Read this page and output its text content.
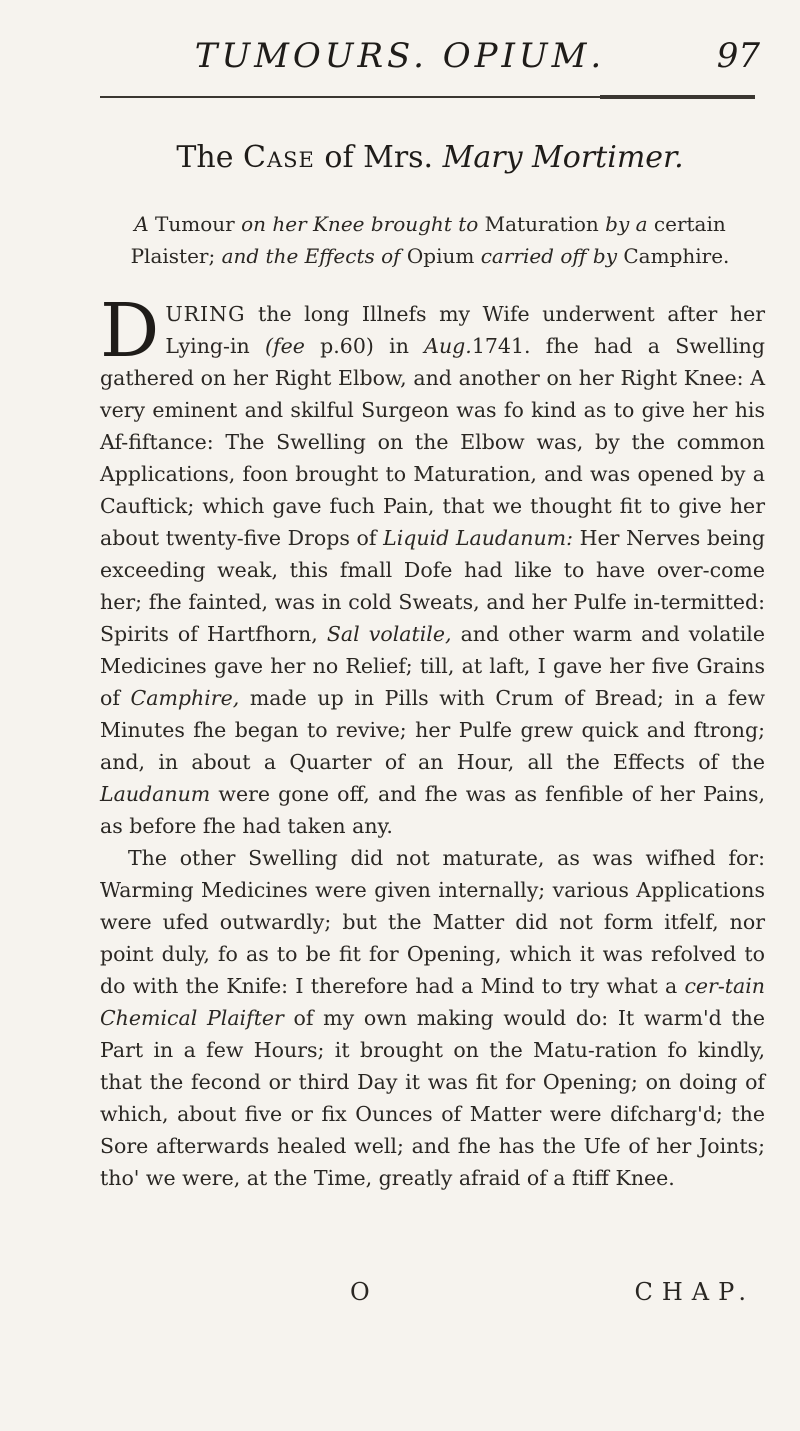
TUMOURS. OPIUM.	97
The Case of Mrs. Mary Mortimer.
A Tumour on her Knee brought to Maturation by a certain Plaister; and the Effects of Opium carried off by Camphire.

DURING the long Illnefs my Wife underwent after her Lying-in (fee p.60) in Aug.1741. fhe had a Swelling gathered on her Right Elbow, and another on her Right Knee: A very eminent and skilful Surgeon was fo kind as to give her his Af-fiftance: The Swelling on the Elbow was, by the common Applications, foon brought to Maturation, and was opened by a Cauftick; which gave fuch Pain, that we thought fit to give her about twenty-five Drops of Liquid Laudanum: Her Nerves being exceeding weak, this fmall Dofe had like to have over-come her; fhe fainted, was in cold Sweats, and her Pulfe in-termitted: Spirits of Hartfhorn, Sal volatile, and other warm and volatile Medicines gave her no Relief; till, at laft, I gave her five Grains of Camphire, made up in Pills with Crum of Bread; in a few Minutes fhe began to revive; her Pulfe grew quick and ftrong; and, in about a Quarter of an Hour, all the Effects of the Laudanum were gone off, and fhe was as fenfible of her Pains, as before fhe had taken any.

The other Swelling did not maturate, as was wifhed for: Warming Medicines were given internally; various Applications were ufed outwardly; but the Matter did not form itfelf, nor point duly, fo as to be fit for Opening, which it was refolved to do with the Knife: I therefore had a Mind to try what a cer-tain Chemical Plaifter of my own making would do: It warm'd the Part in a few Hours; it brought on the Matu-ration fo kindly, that the fecond or third Day it was fit for Opening; on doing of which, about five or fix Ounces of Matter were difcharg'd; the Sore afterwards healed well; and fhe has the Ufe of her Joints; tho' we were, at the Time, greatly afraid of a ftiff Knee.

O	CHAP.
